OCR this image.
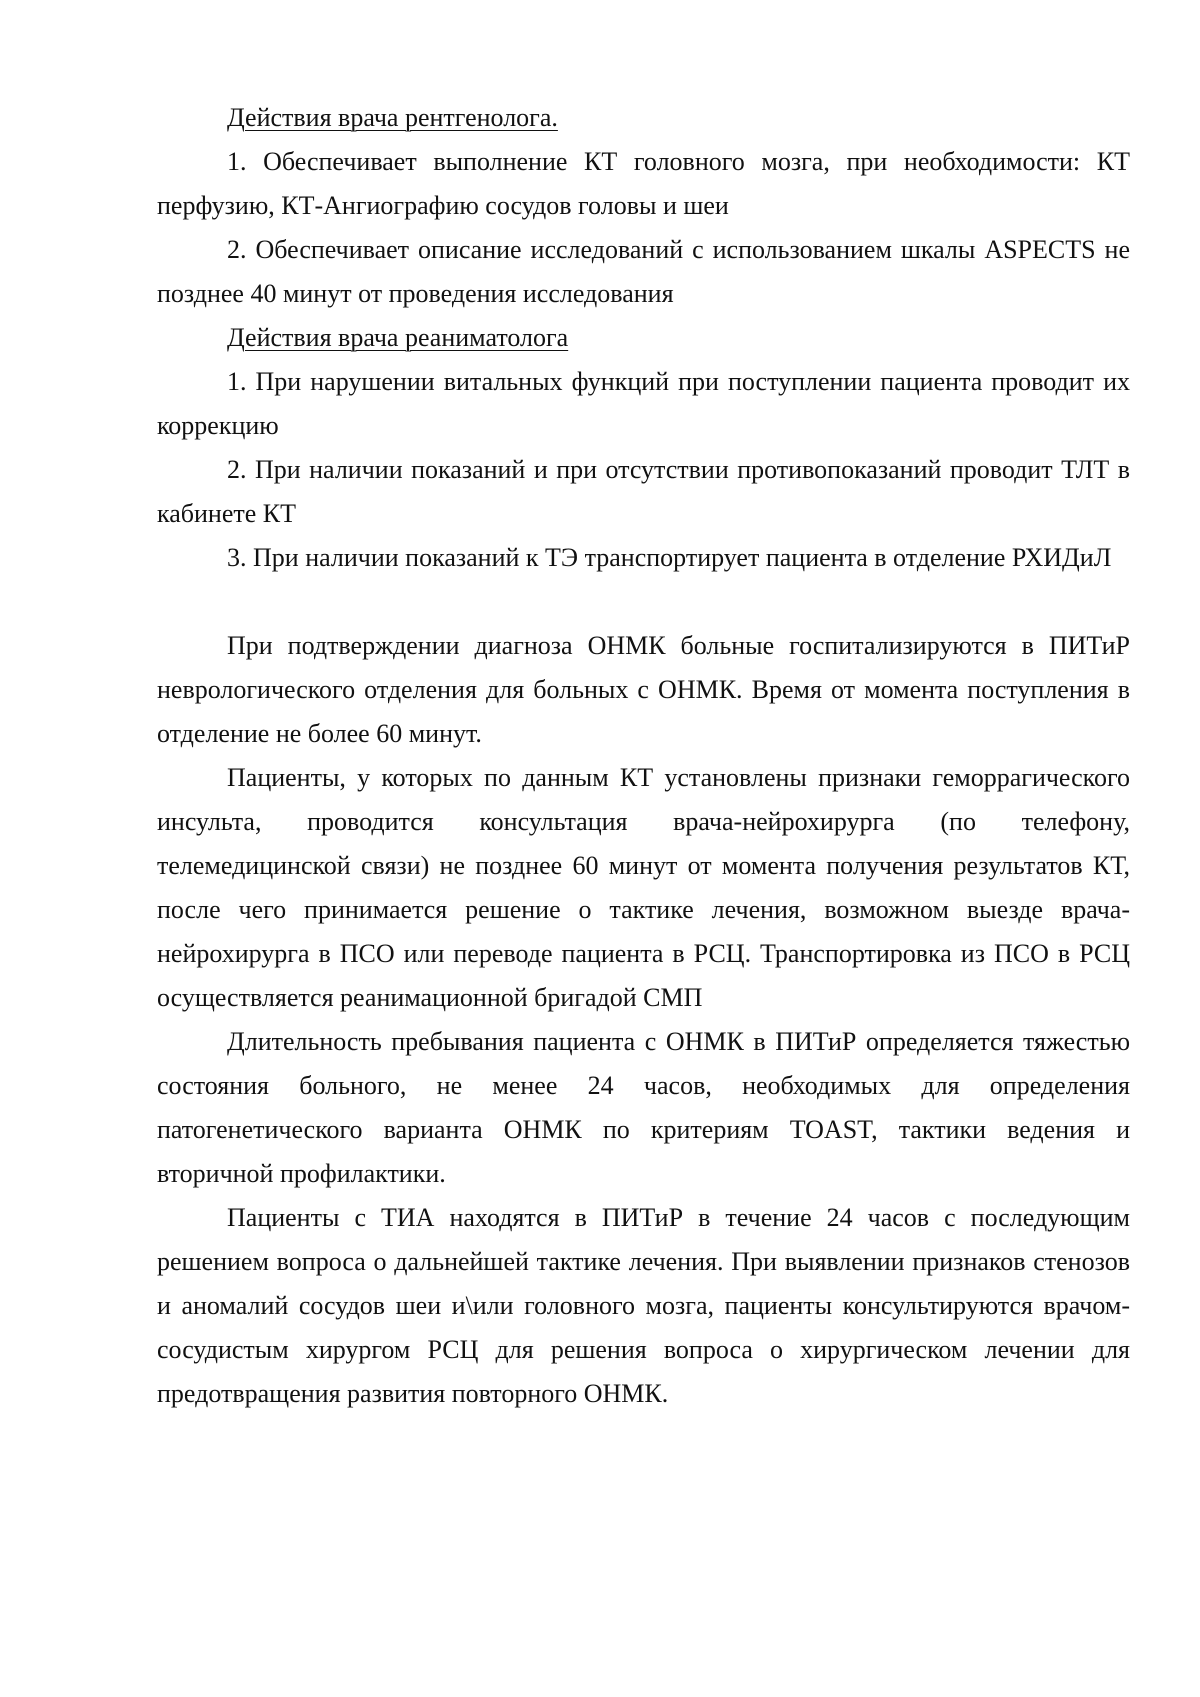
Действия врача рентгенолога.

1. Обеспечивает выполнение КТ головного мозга, при необходимости: КТ перфузию, КТ-Ангиографию сосудов головы и шеи

2. Обеспечивает описание исследований с использованием шкалы ASPECTS не позднее 40 минут от проведения исследования

Действия врача реаниматолога

1. При нарушении витальных функций при поступлении пациента проводит их коррекцию

2. При наличии показаний и при отсутствии противопоказаний проводит ТЛТ в кабинете КТ

3. При наличии показаний к ТЭ транспортирует пациента в отделение РХИДиЛ

При подтверждении диагноза ОНМК больные госпитализируются в ПИТиР неврологического отделения для больных с ОНМК. Время от момента поступления в отделение не более 60 минут.

Пациенты, у которых по данным КТ установлены признаки геморрагического инсульта, проводится консультация врача-нейрохирурга (по телефону, телемедицинской связи) не позднее 60 минут от момента получения результатов КТ, после чего принимается решение о тактике лечения, возможном выезде врача-нейрохирурга в ПСО или переводе пациента в РСЦ. Транспортировка из ПСО в РСЦ осуществляется реанимационной бригадой СМП

Длительность пребывания пациента с ОНМК в ПИТиР определяется тяжестью состояния больного, не менее 24 часов, необходимых для определения патогенетического варианта ОНМК по критериям TOAST, тактики ведения и вторичной профилактики.

Пациенты с ТИА находятся в ПИТиР в течение 24 часов с последующим решением вопроса о дальнейшей тактике лечения. При выявлении признаков стенозов и аномалий сосудов шеи и\или головного мозга, пациенты консультируются врачом-сосудистым хирургом РСЦ для решения вопроса о хирургическом лечении для предотвращения развития повторного ОНМК.
